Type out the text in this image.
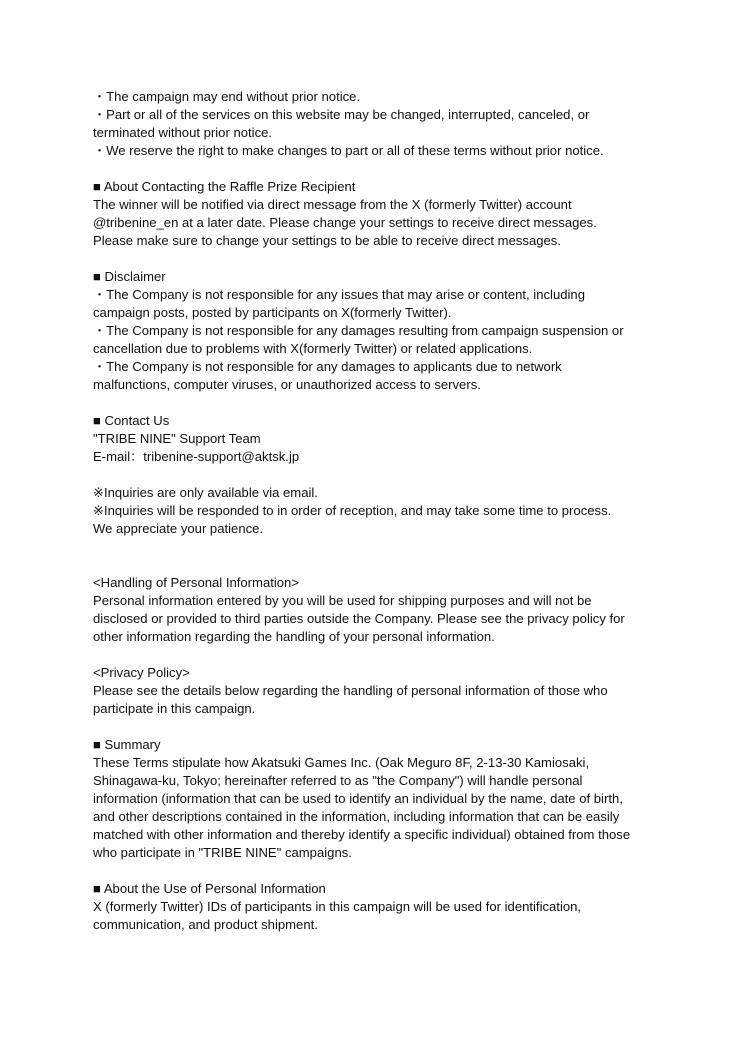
・The campaign may end without prior notice.
・Part or all of the services on this website may be changed, interrupted, canceled, or
terminated without prior notice.
・We reserve the right to make changes to part or all of these terms without prior notice.
■ About Contacting the Raffle Prize Recipient
The winner will be notified via direct message from the X (formerly Twitter) account
@tribenine_en at a later date. Please change your settings to receive direct messages.
Please make sure to change your settings to be able to receive direct messages.
■ Disclaimer
・The Company is not responsible for any issues that may arise or content, including
campaign posts, posted by participants on X(formerly Twitter).
・The Company is not responsible for any damages resulting from campaign suspension or
cancellation due to problems with X(formerly Twitter) or related applications.
・The Company is not responsible for any damages to applicants due to network
malfunctions, computer viruses, or unauthorized access to servers.
■ Contact Us
"TRIBE NINE" Support Team
E-mail：tribenine-support@aktsk.jp
※Inquiries are only available via email.
※Inquiries will be responded to in order of reception, and may take some time to process.
We appreciate your patience.
<Handling of Personal Information>
Personal information entered by you will be used for shipping purposes and will not be
disclosed or provided to third parties outside the Company. Please see the privacy policy for
other information regarding the handling of your personal information.
<Privacy Policy>
Please see the details below regarding the handling of personal information of those who
participate in this campaign.
■ Summary
These Terms stipulate how Akatsuki Games Inc. (Oak Meguro 8F, 2-13-30 Kamiosaki,
Shinagawa-ku, Tokyo; hereinafter referred to as "the Company") will handle personal
information (information that can be used to identify an individual by the name, date of birth,
and other descriptions contained in the information, including information that can be easily
matched with other information and thereby identify a specific individual) obtained from those
who participate in "TRIBE NINE" campaigns.
■ About the Use of Personal Information
X (formerly Twitter) IDs of participants in this campaign will be used for identification,
communication, and product shipment.
